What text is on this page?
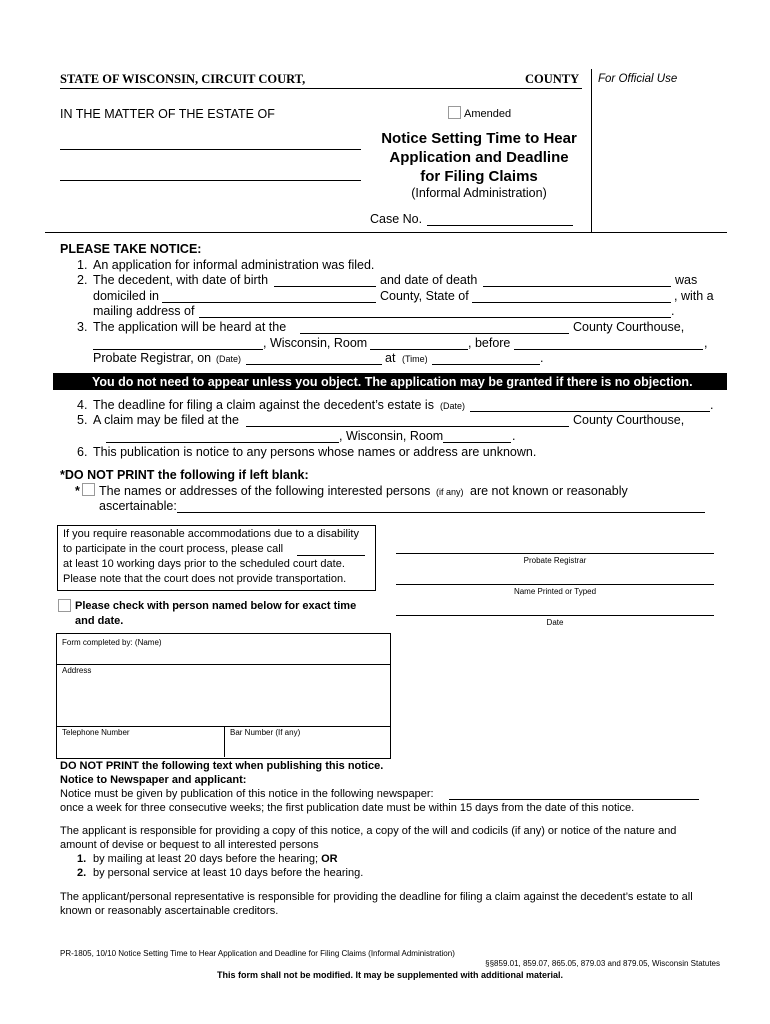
STATE OF WISCONSIN, CIRCUIT COURT,	COUNTY For Official Use
IN THE MATTER OF THE ESTATE OF	Amended
Notice Setting Time to Hear
Application and Deadline
for Filing Claims
(Informal Administration)
Case No.
PLEASE TAKE NOTICE:
1. An application for informal administration was filed.
2. The decedent, with date of birth	and date of death	was
domiciled in	County, State of	, with a
mailing address of	.
3. The application will be heard at the	County Courthouse,
, Wisconsin, Room	, before	,
Probate Registrar, on (Date)	at (Time)	.
You do not need to appear unless you object. The application may be granted if there is no objection.
4. The deadline for filing a claim against the decedent’s estate is (Date)	.
5. A claim may be filed at the	County Courthouse,
, Wisconsin, Room	.
6. This publication is notice to any persons whose names or address are unknown.
*DO NOT PRINT the following if left blank:
* The names or addresses of the following interested persons (if any) are not known or reasonably
ascertainable:
If you require reasonable accommodations due to a disability
to participate in the court process, please call
at least 10 working days prior to the scheduled court date.
Please note that the court does not provide transportation.
Probate Registrar
Name Printed or Typed
Date
Please check with person named below for exact time
and date.
Form completed by: (Name)
Address
Telephone Number	Bar Number (If any)
DO NOT PRINT the following text when publishing this notice.
Notice to Newspaper and applicant:
Notice must be given by publication of this notice in the following newspaper:
once a week for three consecutive weeks; the first publication date must be within 15 days from the date of this notice.
The applicant is responsible for providing a copy of this notice, a copy of the will and codicils (if any) or notice of the nature and
amount of devise or bequest to all interested persons
1. by mailing at least 20 days before the hearing; OR
2. by personal service at least 10 days before the hearing.
The applicant/personal representative is responsible for providing the deadline for filing a claim against the decedent’s estate to all
known or reasonably ascertainable creditors.
PR-1805, 10/10 Notice Setting Time to Hear Application and Deadline for Filing Claims (Informal Administration)
§§859.01, 859.07, 865.05, 879.03 and 879.05, Wisconsin Statutes
This form shall not be modified. It may be supplemented with additional material.
